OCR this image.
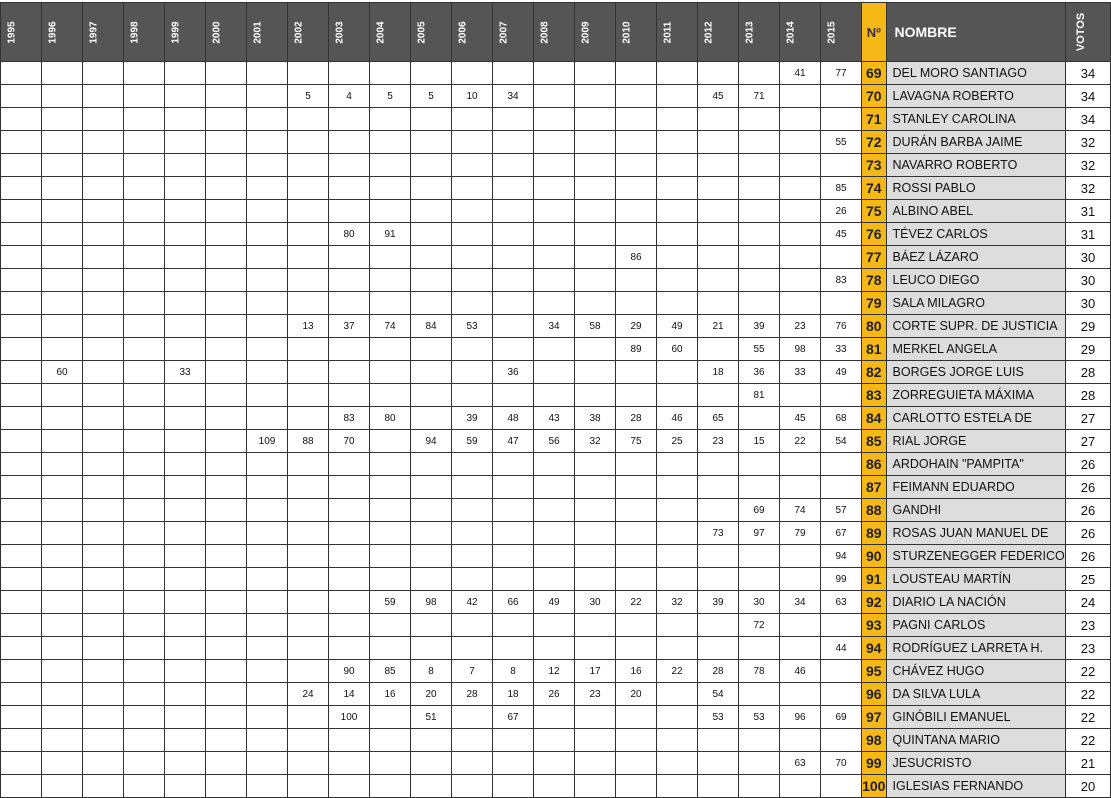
1995	1996	1997	1998	1999	2000	2001	2002	2003	2004	2005	2006	2007	2008	2009	2010	2011	2012	2013	2014	2015	Nº	NOMBRE	VOTOS

																			41	77	69	DEL MORO SANTIAGO	34
							5	4	5	5	10	34					45	71			70	LAVAGNA ROBERTO	34
																					71	STANLEY CAROLINA	34
																				55	72	DURÁN BARBA JAIME	32
																					73	NAVARRO ROBERTO	32
																				85	74	ROSSI PABLO	32
																				26	75	ALBINO ABEL	31
								80	91											45	76	TÉVEZ CARLOS	31
															86						77	BÁEZ LÁZARO	30
																				83	78	LEUCO DIEGO	30
																					79	SALA MILAGRO	30
							13	37	74	84	53		34	58	29	49	21	39	23	76	80	CORTE SUPR. DE JUSTICIA	29
															89	60		55	98	33	81	MERKEL ANGELA	29
	60			33								36					18	36	33	49	82	BORGES JORGE LUIS	28
																		81			83	ZORREGUIETA MÁXIMA	28
								83	80		39	48	43	38	28	46	65		45	68	84	CARLOTTO ESTELA DE	27
						109	88	70		94	59	47	56	32	75	25	23	15	22	54	85	RIAL JORGE	27
																					86	ARDOHAIN "PAMPITA"	26
																					87	FEIMANN EDUARDO	26
																		69	74	57	88	GANDHI	26
																	73	97	79	67	89	ROSAS JUAN MANUEL DE	26
																				94	90	STURZENEGGER FEDERICO	26
																				99	91	LOUSTEAU MARTÍN	25
									59	98	42	66	49	30	22	32	39	30	34	63	92	DIARIO LA NACIÓN	24
																		72			93	PAGNI CARLOS	23
																				44	94	RODRÍGUEZ LARRETA H.	23
								90	85	8	7	8	12	17	16	22	28	78	46		95	CHÁVEZ HUGO	22
							24	14	16	20	28	18	26	23	20		54				96	DA SILVA LULA	22
								100		51		67					53	53	96	69	97	GINÓBILI EMANUEL	22
																					98	QUINTANA MARIO	22
																			63	70	99	JESUCRISTO	21
																					100	IGLESIAS FERNANDO	20
